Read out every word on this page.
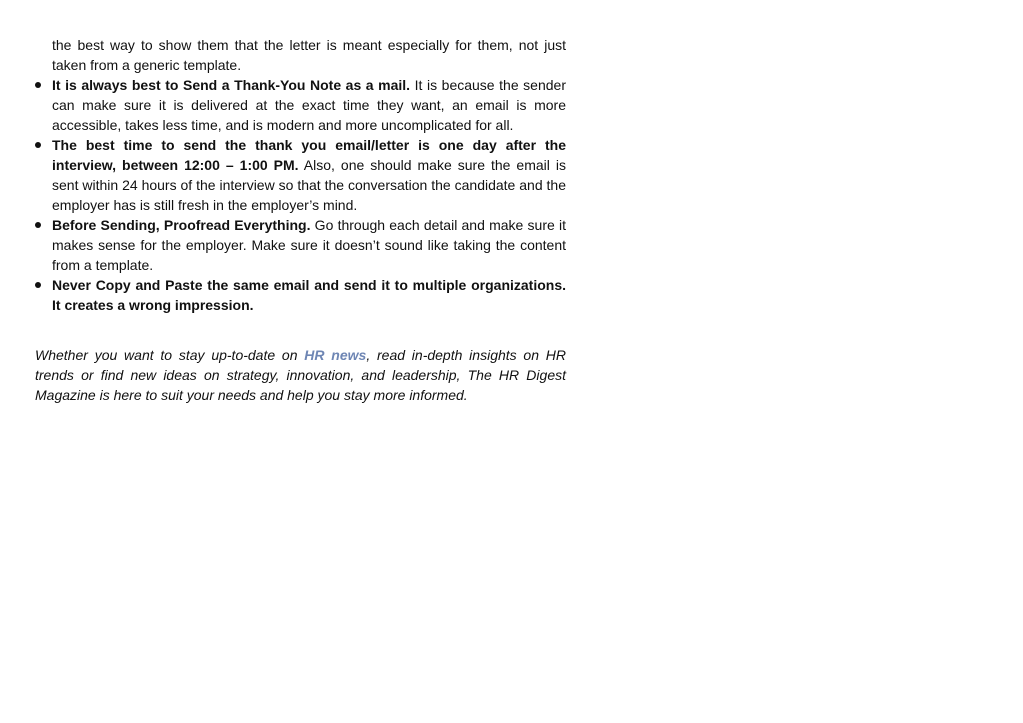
the best way to show them that the letter is meant especially for them, not just taken from a generic template.
It is always best to Send a Thank-You Note as a mail. It is because the sender can make sure it is delivered at the exact time they want, an email is more accessible, takes less time, and is modern and more uncomplicated for all.
The best time to send the thank you email/letter is one day after the interview, between 12:00 – 1:00 PM. Also, one should make sure the email is sent within 24 hours of the interview so that the conversation the candidate and the employer has is still fresh in the employer’s mind.
Before Sending, Proofread Everything. Go through each detail and make sure it makes sense for the employer. Make sure it doesn’t sound like taking the content from a template.
Never Copy and Paste the same email and send it to multiple organizations. It creates a wrong impression.

Whether you want to stay up-to-date on HR news, read in-depth insights on HR trends or find new ideas on strategy, innovation, and leadership, The HR Digest Magazine is here to suit your needs and help you stay more informed.
